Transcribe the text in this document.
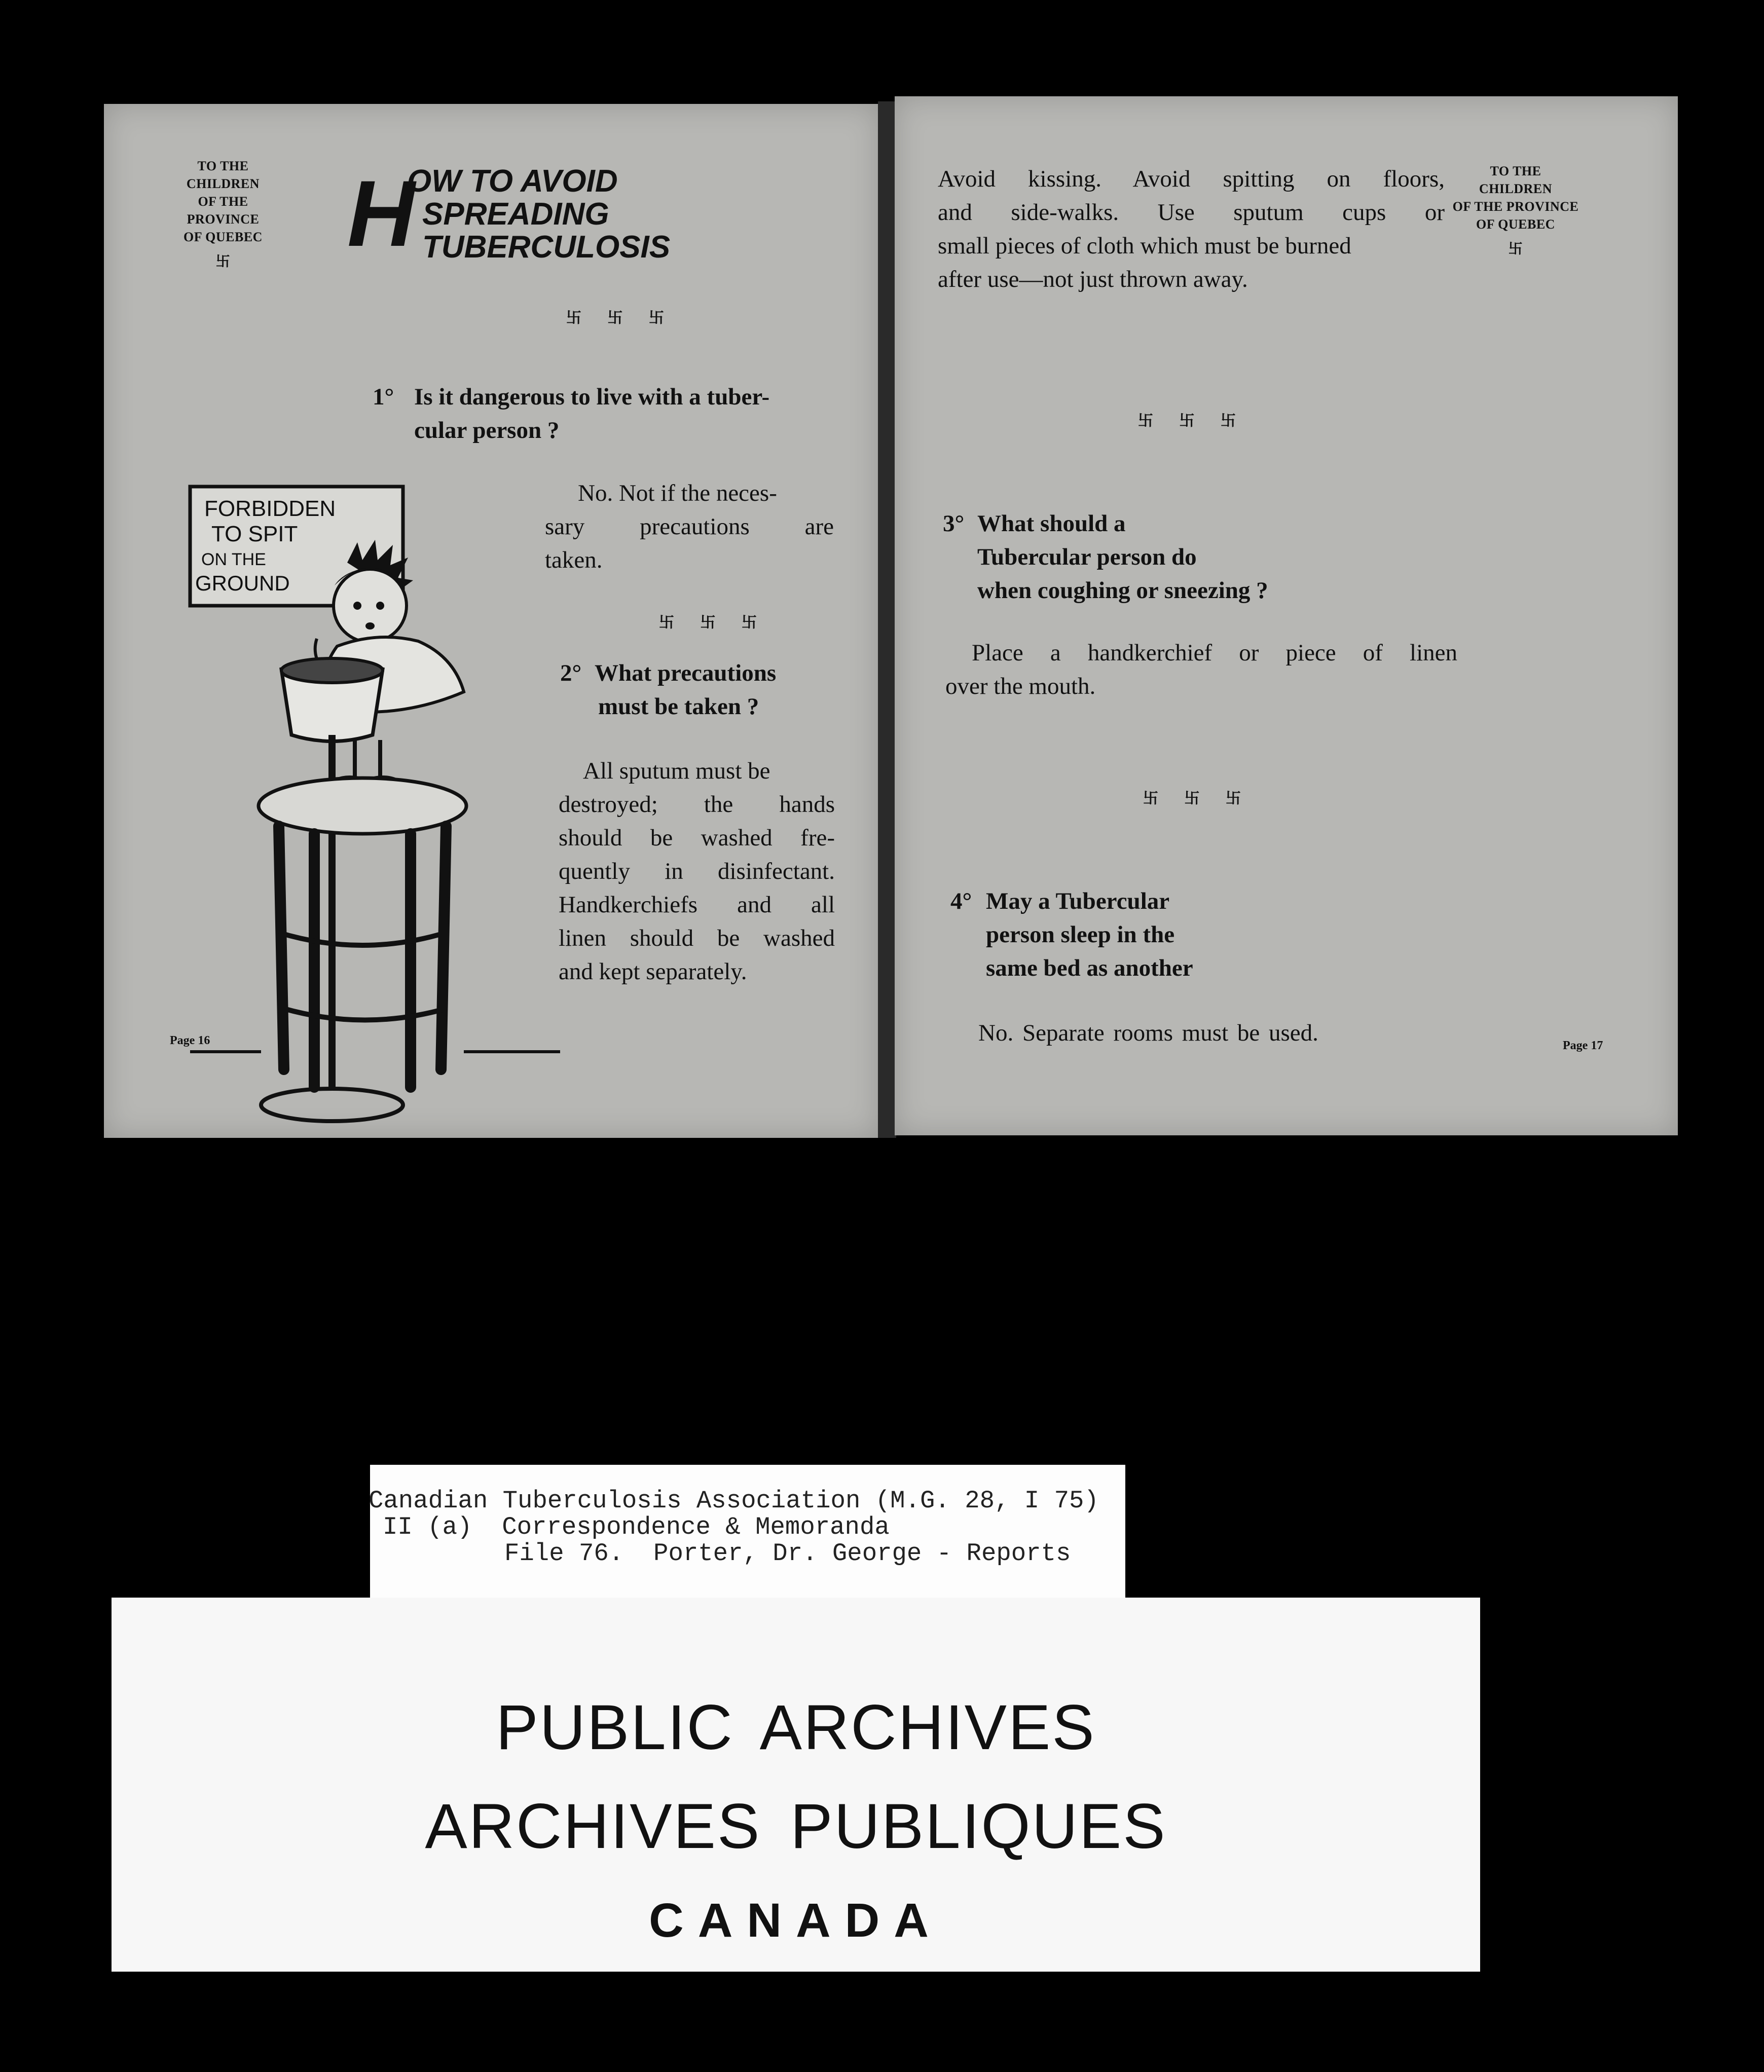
TO THE CHILDREN
OF THE PROVINCE
OF QUEBEC
卐	H
OW TO AVOID
SPREADING
TUBERCULOSIS
卐 卐 卐
1° Is it dangerous to live with a tuber-
cular person ?
No. Not if the neces-
sary precautions are
taken.
卐 卐 卐
2° What precautions
must be taken ?
All sputum must be
destroyed; the hands
should be washed fre-
quently in disinfectant.
Handkerchiefs and all
linen should be washed
and kept separately.
FORBIDDEN
TO SPIT
ON THE
GROUND
Page 16
Avoid kissing. Avoid spitting on floors,
and side-walks. Use sputum cups or
small pieces of cloth which must be burned
after use—not just thrown away.
TO THE CHILDREN
OF THE PROVINCE
OF QUEBEC
卐
卐 卐 卐
3° What should a
Tubercular person do
when coughing or sneezing ?
Place a handkerchief or piece of linen
over the mouth.
卐 卐 卐
4° May a Tubercular
person sleep in the
same bed as another
No. Separate rooms must be used.	Page 17
Canadian Tuberculosis Association (M.G. 28, I 75)
II (a)  Correspondence & Memoranda
File 76.  Porter, Dr. George - Reports
PUBLIC ARCHIVES
ARCHIVES PUBLIQUES
CANADA
